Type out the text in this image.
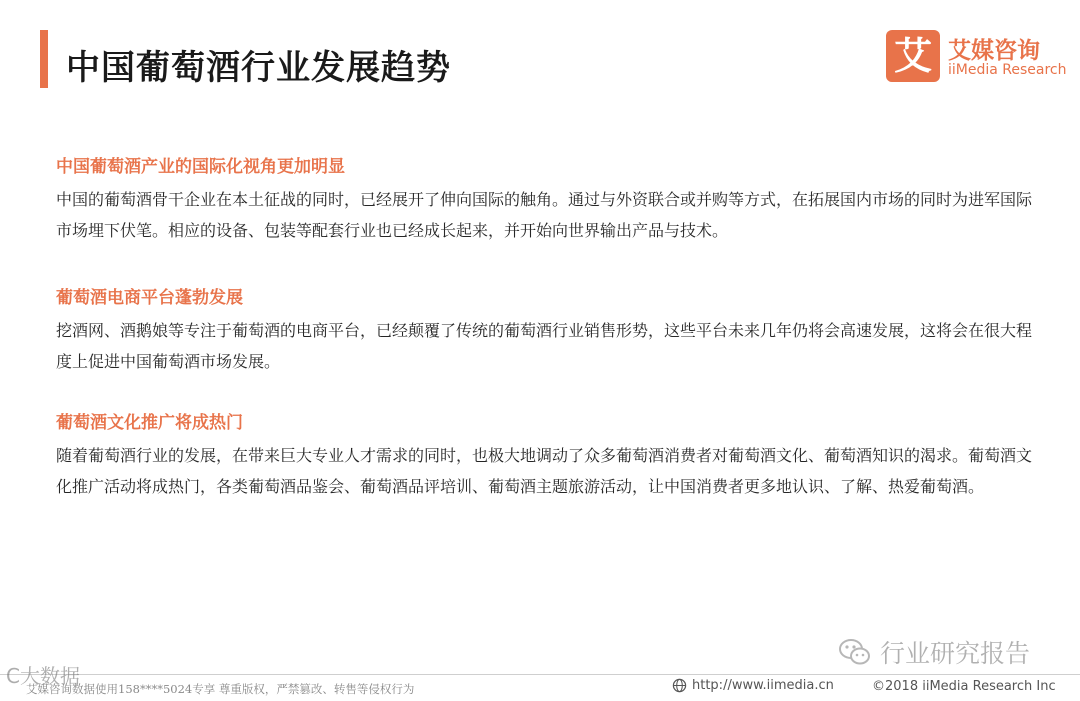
中国葡萄酒行业发展趋势	艾 艾媒咨询
iiMedia Research
中国葡萄酒产业的国际化视角更加明显
中国的葡萄酒骨干企业在本土征战的同时，已经展开了伸向国际的触角。通过与外资联合或并购等方式，在拓展国内市场的同时为进军国际市场埋下伏笔。相应的设备、包装等配套行业也已经成长起来，并开始向世界输出产品与技术。
葡萄酒电商平台蓬勃发展
挖酒网、酒鹅娘等专注于葡萄酒的电商平台，已经颠覆了传统的葡萄酒行业销售形势，这些平台未来几年仍将会高速发展，这将会在很大程度上促进中国葡萄酒市场发展。
葡萄酒文化推广将成热门
随着葡萄酒行业的发展，在带来巨大专业人才需求的同时，也极大地调动了众多葡萄酒消费者对葡萄酒文化、葡萄酒知识的渴求。葡萄酒文化推广活动将成热门，各类葡萄酒品鉴会、葡萄酒品评培训、葡萄酒主题旅游活动，让中国消费者更多地认识、了解、热爱葡萄酒。
行业研究报告
艾媒咨询数据使用158****5024专享 尊重版权，严禁篡改、转售等侵权行为
C大数据	http://www.iimedia.cn	©2018 iiMedia Research Inc
